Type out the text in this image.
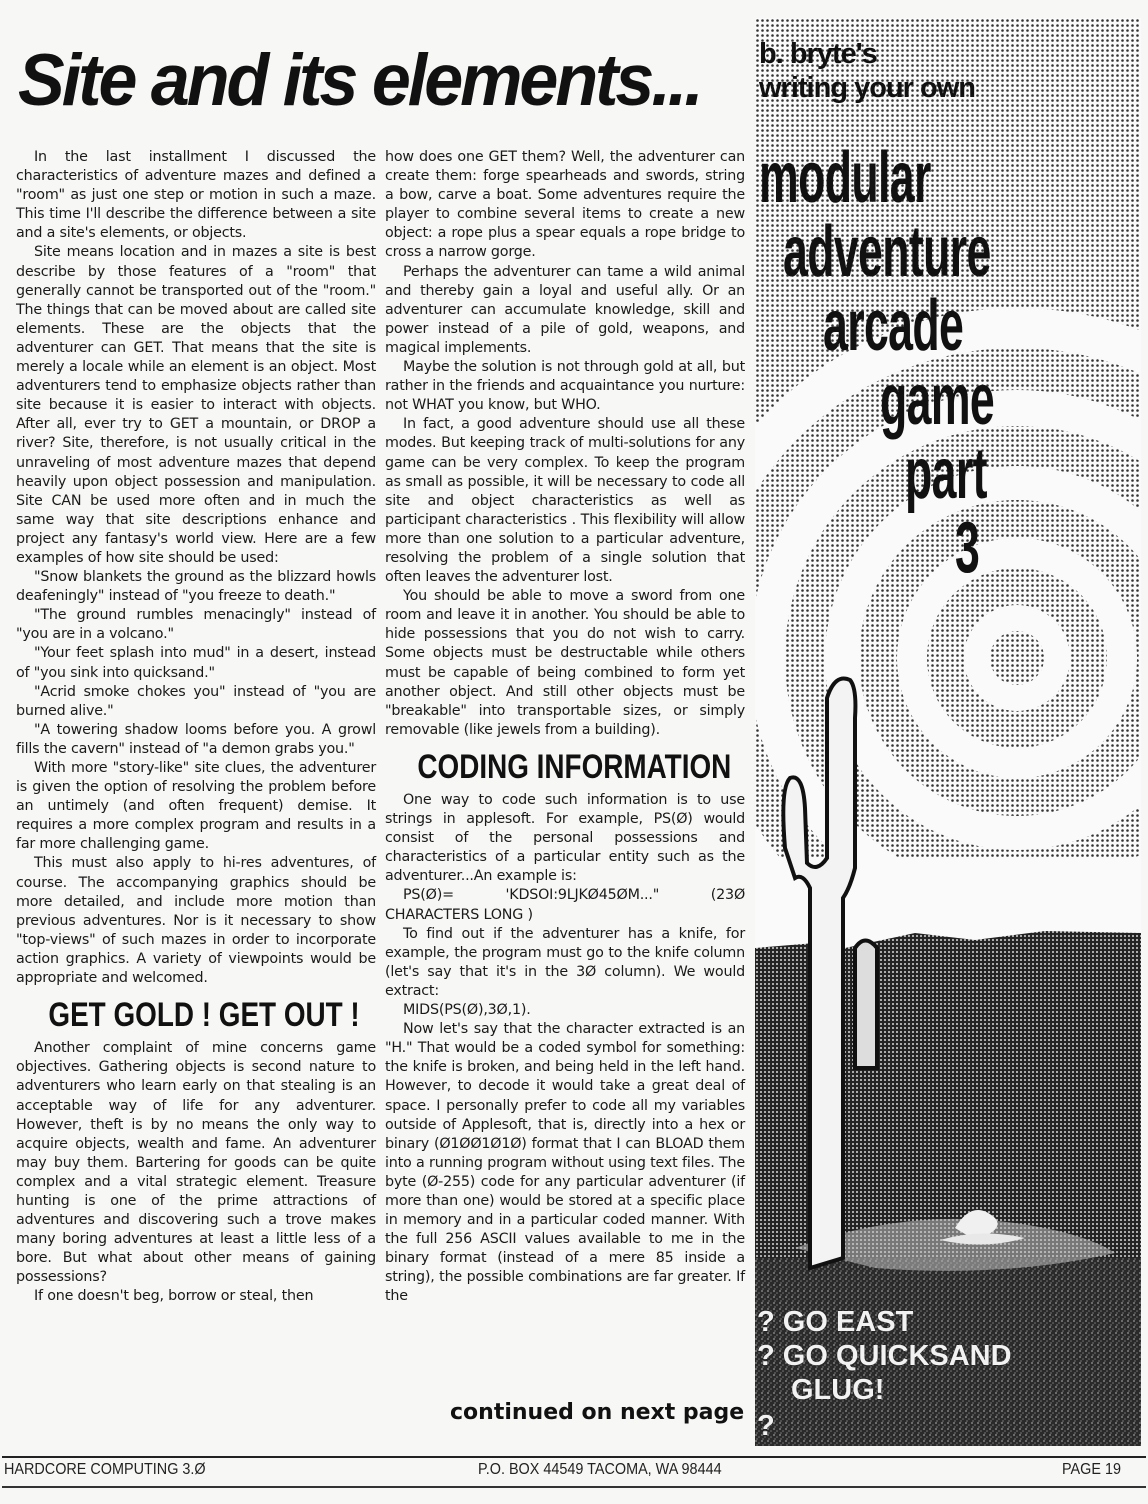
Site and its elements...

In the last installment I discussed the characteristics of adventure mazes and defined a "room" as just one step or motion in such a maze. This time I'll describe the difference between a site and a site's elements, or objects.

Site means location and in mazes a site is best describe by those features of a "room" that generally cannot be transported out of the "room." The things that can be moved about are called site elements. These are the objects that the adventurer can GET. That means that the site is merely a locale while an element is an object. Most adventurers tend to emphasize objects rather than site because it is easier to interact with objects. After all, ever try to GET a mountain, or DROP a river? Site, therefore, is not usually critical in the unraveling of most adventure mazes that depend heavily upon object possession and manipulation. Site CAN be used more often and in much the same way that site descriptions enhance and project any fantasy's world view. Here are a few examples of how site should be used:

"Snow blankets the ground as the blizzard howls deafeningly" instead of "you freeze to death."

"The ground rumbles menacingly" instead of "you are in a volcano."

"Your feet splash into mud" in a desert, instead of "you sink into quicksand."

"Acrid smoke chokes you" instead of "you are burned alive."

"A towering shadow looms before you. A growl fills the cavern" instead of "a demon grabs you."

With more "story-like" site clues, the adventurer is given the option of resolving the problem before an untimely (and often frequent) demise. It requires a more complex program and results in a far more challenging game.

This must also apply to hi-res adventures, of course. The accompanying graphics should be more detailed, and include more motion than previous adventures. Nor is it necessary to show "top-views" of such mazes in order to incorporate action graphics. A variety of viewpoints would be appropriate and welcomed.

GET GOLD ! GET OUT !

Another complaint of mine concerns game objectives. Gathering objects is second nature to adventurers who learn early on that stealing is an acceptable way of life for any adventurer. However, theft is by no means the only way to acquire objects, wealth and fame. An adventurer may buy them. Bartering for goods can be quite complex and a vital strategic element. Treasure hunting is one of the prime attractions of adventures and discovering such a trove makes many boring adventures at least a little less of a bore. But what about other means of gaining possessions?

If one doesn't beg, borrow or steal, then

how does one GET them? Well, the adventurer can create them: forge spearheads and swords, string a bow, carve a boat. Some adventures require the player to combine several items to create a new object: a rope plus a spear equals a rope bridge to cross a narrow gorge.

Perhaps the adventurer can tame a wild animal and thereby gain a loyal and useful ally. Or an adventurer can accumulate knowledge, skill and power instead of a pile of gold, weapons, and magical implements.

Maybe the solution is not through gold at all, but rather in the friends and acquaintance you nurture: not WHAT you know, but WHO.

In fact, a good adventure should use all these modes. But keeping track of multi-solutions for any game can be very complex. To keep the program as small as possible, it will be necessary to code all site and object characteristics as well as participant characteristics . This flexibility will allow more than one solution to a particular adventure, resolving the problem of a single solution that often leaves the adventurer lost.

You should be able to move a sword from one room and leave it in another. You should be able to hide possessions that you do not wish to carry. Some objects must be destructable while others must be capable of being combined to form yet another object. And still other objects must be "breakable" into transportable sizes, or simply removable (like jewels from a building).

CODING INFORMATION

One way to code such information is to use strings in applesoft. For example, PS(Ø) would consist of the personal possessions and characteristics of a particular entity such as the adventurer...An example is:

PS(Ø)= 'KDSOI:9LJKØ45ØM..." (23Ø CHARACTERS LONG )

To find out if the adventurer has a knife, for example, the program must go to the knife column (let's say that it's in the 3Ø column). We would extract:

MIDS(PS(Ø),3Ø,1).

Now let's say that the character extracted is an "H." That would be a coded symbol for something: the knife is broken, and being held in the left hand. However, to decode it would take a great deal of space. I personally prefer to code all my variables outside of Applesoft, that is, directly into a hex or binary (Ø1ØØ1Ø1Ø) format that I can BLOAD them into a running program without using text files. The byte (Ø-255) code for any particular adventurer (if more than one) would be stored at a specific place in memory and in a particular coded manner. With the full 256 ASCII values available to me in the binary format (instead of a mere 85 inside a string), the possible combinations are far greater. If the

continued on next page
b. bryte's
writing your own
modular
adventure
arcade
game
part
3
? GO EAST
? GO QUICKSAND
GLUG!
?
HARDCORE COMPUTING 3.Ø	P.O. BOX 44549 TACOMA, WA 98444	PAGE 19
